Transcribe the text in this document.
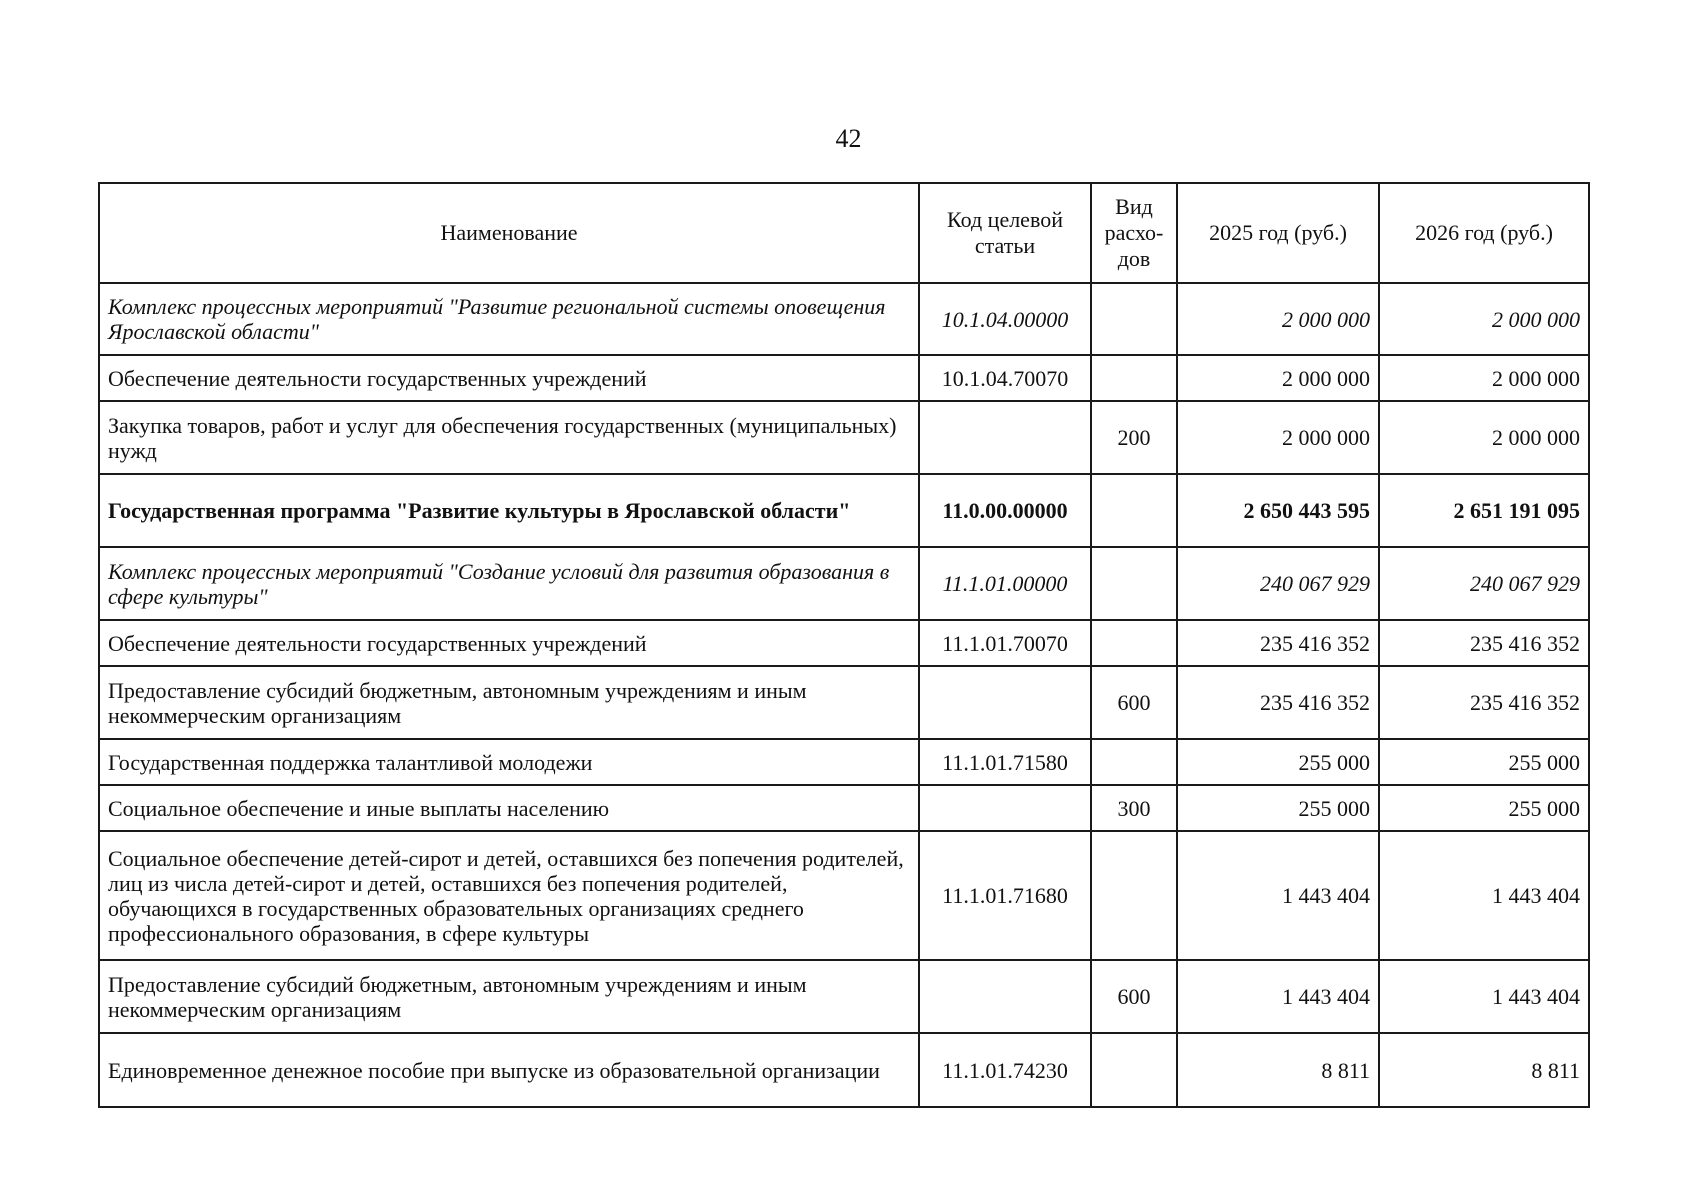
42
Наименование	Код целевой статьи	Вид расхо-дов	2025 год (руб.)	2026 год (руб.)
Комплекс процессных мероприятий "Развитие региональной системы оповещения Ярославской области"	10.1.04.00000		2 000 000	2 000 000
Обеспечение деятельности государственных учреждений	10.1.04.70070		2 000 000	2 000 000
Закупка товаров, работ и услуг для обеспечения государственных (муниципальных) нужд		200	2 000 000	2 000 000
Государственная программа "Развитие культуры в Ярославской области"	11.0.00.00000		2 650 443 595	2 651 191 095
Комплекс процессных мероприятий "Создание условий для развития образования в сфере культуры"	11.1.01.00000		240 067 929	240 067 929
Обеспечение деятельности государственных учреждений	11.1.01.70070		235 416 352	235 416 352
Предоставление субсидий бюджетным, автономным учреждениям и иным некоммерческим организациям		600	235 416 352	235 416 352
Государственная поддержка талантливой молодежи	11.1.01.71580		255 000	255 000
Социальное обеспечение и иные выплаты населению		300	255 000	255 000
Социальное обеспечение детей-сирот и детей, оставшихся без попечения родителей, лиц из числа детей-сирот и детей, оставшихся без попечения родителей, обучающихся в государственных образовательных организациях среднего профессионального образования, в сфере культуры	11.1.01.71680		1 443 404	1 443 404
Предоставление субсидий бюджетным, автономным учреждениям и иным некоммерческим организациям		600	1 443 404	1 443 404
Единовременное денежное пособие при выпуске из образовательной организации	11.1.01.74230		8 811	8 811
